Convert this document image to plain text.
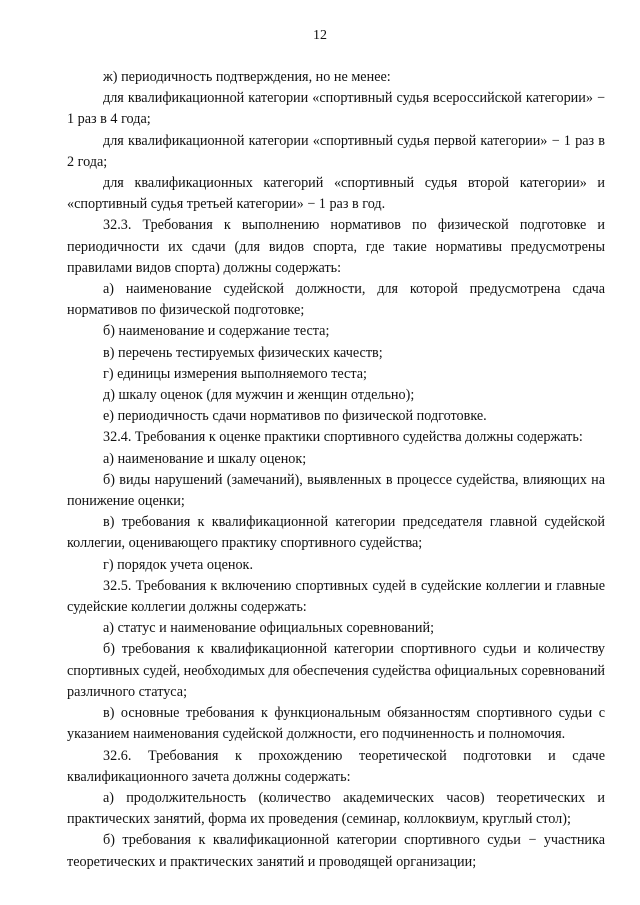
12

ж) периодичность подтверждения, но не менее:

для квалификационной категории «спортивный судья всероссийской категории» − 1 раз в 4 года;

для квалификационной категории «спортивный судья первой категории» − 1 раз в 2 года;

для квалификационных категорий «спортивный судья второй категории» и «спортивный судья третьей категории» − 1 раз в год.

32.3. Требования к выполнению нормативов по физической подготовке и периодичности их сдачи (для видов спорта, где такие нормативы предусмотрены правилами видов спорта) должны содержать:

а) наименование судейской должности, для которой предусмотрена сдача нормативов по физической подготовке;

б) наименование и содержание теста;

в) перечень тестируемых физических качеств;

г) единицы измерения выполняемого теста;

д) шкалу оценок (для мужчин и женщин отдельно);

е) периодичность сдачи нормативов по физической подготовке.

32.4. Требования к оценке практики спортивного судейства должны содержать:

а) наименование и шкалу оценок;

б) виды нарушений (замечаний), выявленных в процессе судейства, влияющих на понижение оценки;

в) требования к квалификационной категории председателя главной судейской коллегии, оценивающего практику спортивного судейства;

г) порядок учета оценок.

32.5. Требования к включению спортивных судей в судейские коллегии и главные судейские коллегии должны содержать:

а) статус и наименование официальных соревнований;

б) требования к квалификационной категории спортивного судьи и количеству спортивных судей, необходимых для обеспечения судейства официальных соревнований различного статуса;

в) основные требования к функциональным обязанностям спортивного судьи с указанием наименования судейской должности, его подчиненность и полномочия.

32.6. Требования к прохождению теоретической подготовки и сдаче квалификационного зачета должны содержать:

а) продолжительность (количество академических часов) теоретических и практических занятий, форма их проведения (семинар, коллоквиум, круглый стол);

б) требования к квалификационной категории спортивного судьи − участника теоретических и практических занятий и проводящей организации;
